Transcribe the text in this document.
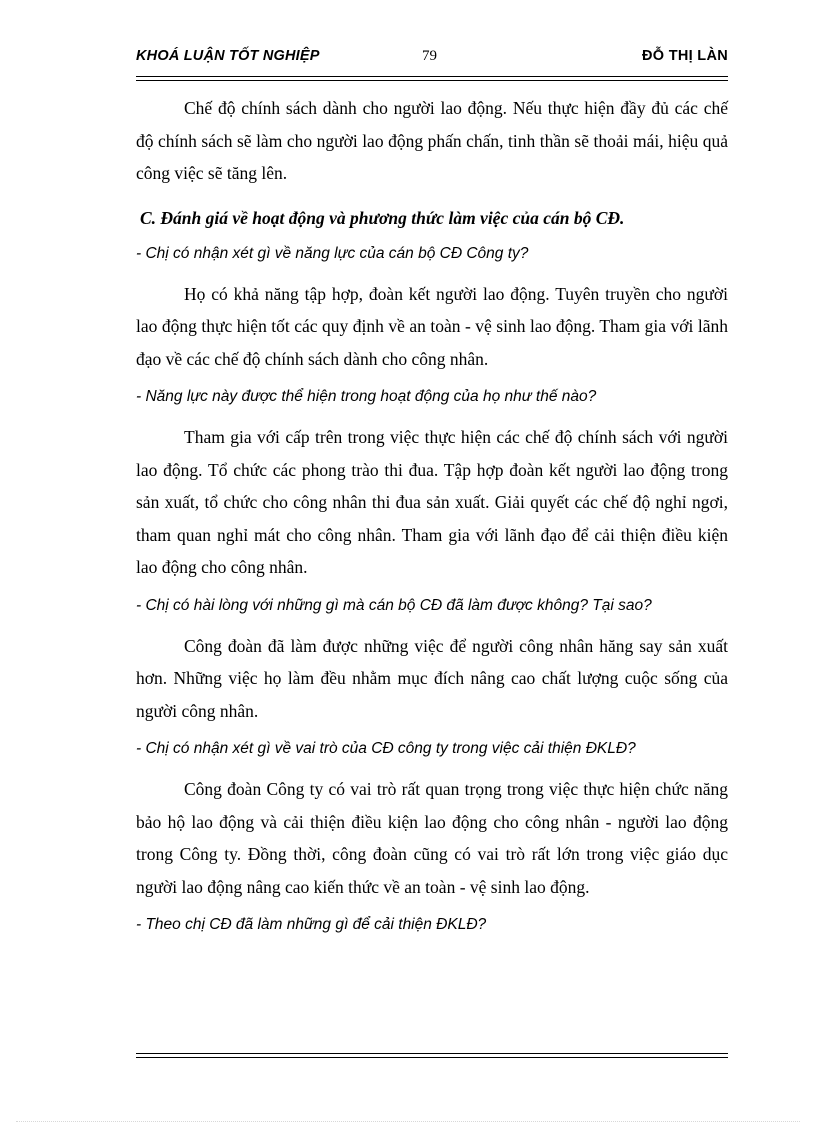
KHOÁ LUẬN TỐT NGHIỆP	79	ĐỖ THỊ LÀN

Chế độ chính sách dành cho người lao động. Nếu thực hiện đầy đủ các chế độ chính sách sẽ làm cho người lao động phấn chấn, tinh thần sẽ thoải mái, hiệu quả công việc sẽ tăng lên.

C. Đánh giá về hoạt động và phương thức làm việc của cán bộ CĐ.

- Chị có nhận xét gì về năng lực của cán bộ CĐ Công ty?

Họ có khả năng tập hợp, đoàn kết người lao động. Tuyên truyền cho người lao động thực hiện tốt các quy định về an toàn - vệ sinh lao động. Tham gia với lãnh đạo về các chế độ chính sách dành cho công nhân.

- Năng lực này được thể hiện trong hoạt động của họ như thế nào?

Tham gia với cấp trên trong việc thực hiện các chế độ chính sách với người lao động. Tổ chức các phong trào thi đua. Tập hợp đoàn kết người lao động trong sản xuất, tổ chức cho công nhân thi đua sản xuất. Giải quyết các chế độ nghỉ ngơi, tham quan nghỉ mát cho công nhân. Tham gia với lãnh đạo để cải thiện điều kiện lao động cho công nhân.

- Chị có hài lòng với những gì mà cán bộ CĐ đã làm được không? Tại sao?

Công đoàn đã làm được những việc để người công nhân hăng say sản xuất hơn. Những việc họ làm đều nhằm mục đích nâng cao chất lượng cuộc sống của người công nhân.

- Chị có nhận xét gì về vai trò của CĐ công ty trong việc cải thiện ĐKLĐ?

Công đoàn Công ty có vai trò rất quan trọng trong việc thực hiện chức năng bảo hộ lao động và cải thiện điều kiện lao động cho công nhân - người lao động trong Công ty. Đồng thời, công đoàn cũng có vai trò rất lớn trong việc giáo dục người lao động nâng cao kiến thức về an toàn - vệ sinh lao động.

- Theo chị CĐ đã làm những gì để cải thiện ĐKLĐ?
